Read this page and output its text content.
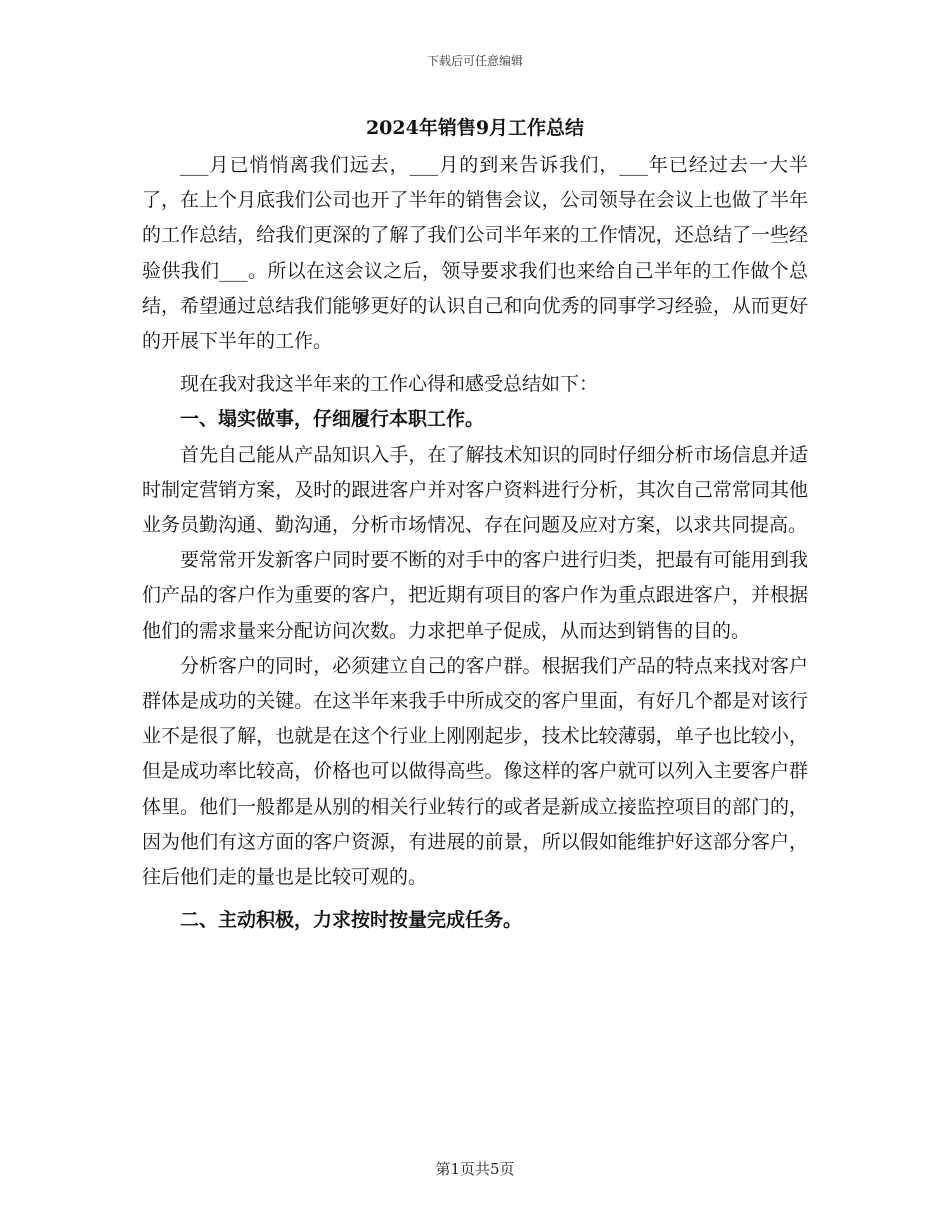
下载后可任意编辑
2024年销售9月工作总结

___月已悄悄离我们远去，___月的到来告诉我们，___年已经过去一大半了，在上个月底我们公司也开了半年的销售会议，公司领导在会议上也做了半年的工作总结，给我们更深的了解了我们公司半年来的工作情况，还总结了一些经验供我们___。所以在这会议之后，领导要求我们也来给自己半年的工作做个总结，希望通过总结我们能够更好的认识自己和向优秀的同事学习经验，从而更好的开展下半年的工作。

现在我对我这半年来的工作心得和感受总结如下：

一、塌实做事，仔细履行本职工作。

首先自己能从产品知识入手，在了解技术知识的同时仔细分析市场信息并适时制定营销方案，及时的跟进客户并对客户资料进行分析，其次自己常常同其他业务员勤沟通、勤沟通，分析市场情况、存在问题及应对方案，以求共同提高。

要常常开发新客户同时要不断的对手中的客户进行归类，把最有可能用到我们产品的客户作为重要的客户，把近期有项目的客户作为重点跟进客户，并根据他们的需求量来分配访问次数。力求把单子促成，从而达到销售的目的。

分析客户的同时，必须建立自己的客户群。根据我们产品的特点来找对客户群体是成功的关键。在这半年来我手中所成交的客户里面，有好几个都是对该行业不是很了解，也就是在这个行业上刚刚起步，技术比较薄弱，单子也比较小，但是成功率比较高，价格也可以做得高些。像这样的客户就可以列入主要客户群体里。他们一般都是从别的相关行业转行的或者是新成立接监控项目的部门的，因为他们有这方面的客户资源，有进展的前景，所以假如能维护好这部分客户，往后他们走的量也是比较可观的。

二、主动积极，力求按时按量完成任务。

第1页共5页
